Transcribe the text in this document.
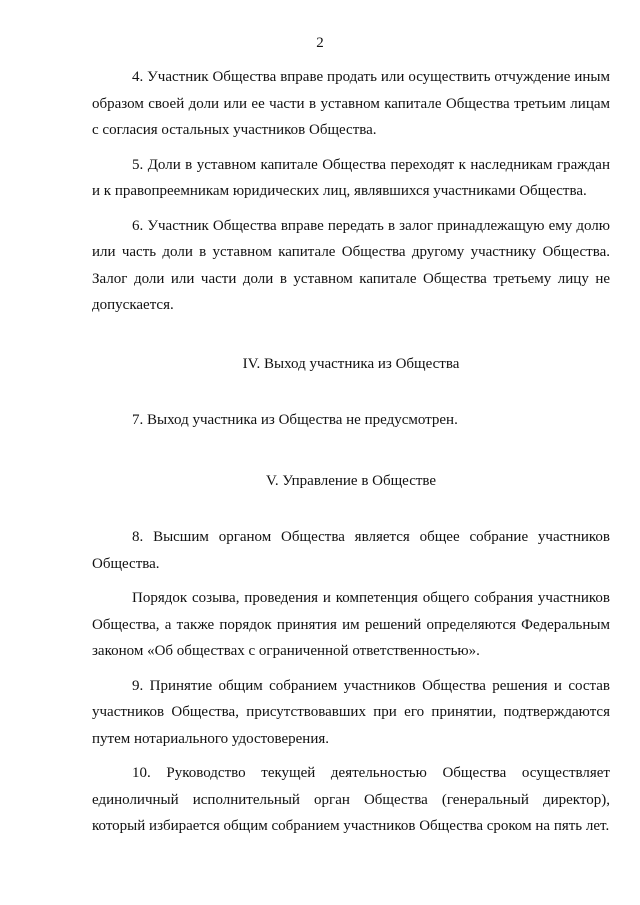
2

4. Участник Общества вправе продать или осуществить отчуждение иным образом своей доли или ее части в уставном капитале Общества третьим лицам с согласия остальных участников Общества.

5. Доли в уставном капитале Общества переходят к наследникам граждан и к правопреемникам юридических лиц, являвшихся участниками Общества.

6. Участник Общества вправе передать в залог принадлежащую ему долю или часть доли в уставном капитале Общества другому участнику Общества. Залог доли или части доли в уставном капитале Общества третьему лицу не допускается.

IV. Выход участника из Общества

7. Выход участника из Общества не предусмотрен.

V. Управление в Обществе

8. Высшим органом Общества является общее собрание участников Общества.

Порядок созыва, проведения и компетенция общего собрания участников Общества, а также порядок принятия им решений определяются Федеральным законом «Об обществах с ограниченной ответственностью».

9. Принятие общим собранием участников Общества решения и состав участников Общества, присутствовавших при его принятии, подтверждаются путем нотариального удостоверения.

10. Руководство текущей деятельностью Общества осуществляет единоличный исполнительный орган Общества (генеральный директор), который избирается общим собранием участников Общества сроком на пять лет.
